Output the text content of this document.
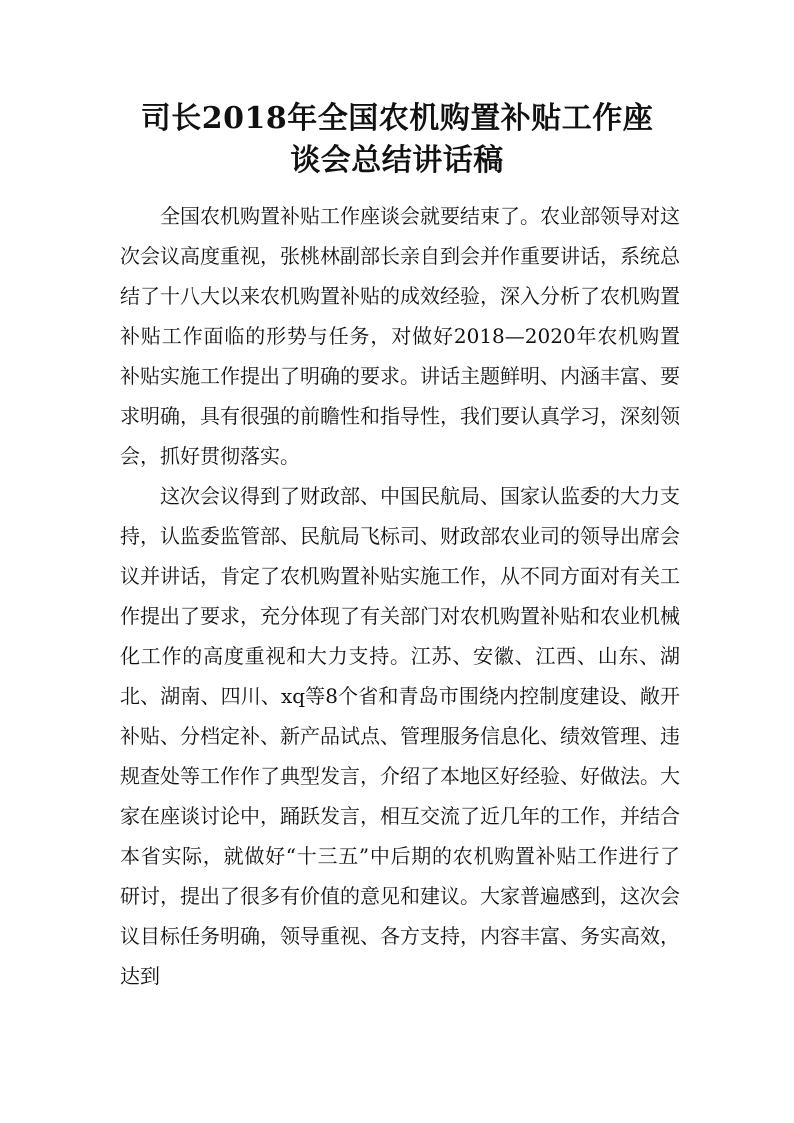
司长2018年全国农机购置补贴工作座
谈会总结讲话稿

全国农机购置补贴工作座谈会就要结束了。农业部领导对这次会议高度重视，张桃林副部长亲自到会并作重要讲话，系统总结了十八大以来农机购置补贴的成效经验，深入分析了农机购置补贴工作面临的形势与任务，对做好2018—2020年农机购置补贴实施工作提出了明确的要求。讲话主题鲜明、内涵丰富、要求明确，具有很强的前瞻性和指导性，我们要认真学习，深刻领会，抓好贯彻落实。

这次会议得到了财政部、中国民航局、国家认监委的大力支持，认监委监管部、民航局飞标司、财政部农业司的领导出席会议并讲话，肯定了农机购置补贴实施工作，从不同方面对有关工作提出了要求，充分体现了有关部门对农机购置补贴和农业机械化工作的高度重视和大力支持。江苏、安徽、江西、山东、湖北、湖南、四川、xq等8个省和青岛市围绕内控制度建设、敞开补贴、分档定补、新产品试点、管理服务信息化、绩效管理、违规查处等工作作了典型发言，介绍了本地区好经验、好做法。大家在座谈讨论中，踊跃发言，相互交流了近几年的工作，并结合本省实际，就做好“十三五”中后期的农机购置补贴工作进行了研讨，提出了很多有价值的意见和建议。大家普遍感到，这次会议目标任务明确，领导重视、各方支持，内容丰富、务实高效，达到
